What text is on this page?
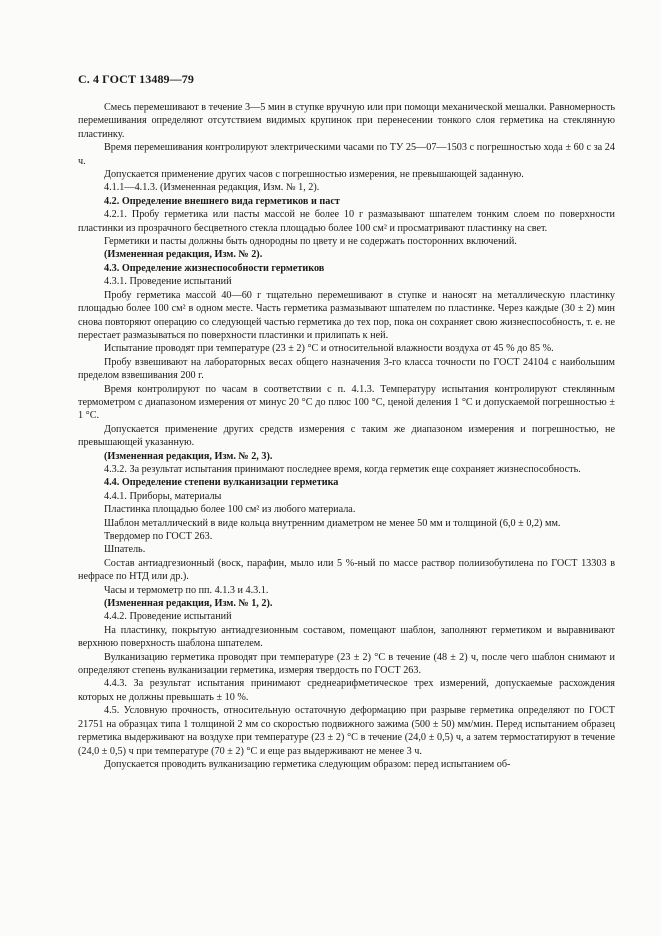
С. 4 ГОСТ 13489—79

Смесь перемешивают в течение 3—5 мин в ступке вручную или при помощи механической мешалки. Равномерность перемешивания определяют отсутствием видимых крупинок при перенесении тонкого слоя герметика на стеклянную пластинку.

Время перемешивания контролируют электрическими часами по ТУ 25—07—1503 с погрешностью хода ± 60 с за 24 ч.

Допускается применение других часов с погрешностью измерения, не превышающей заданную.

4.1.1—4.1.3. (Измененная редакция, Изм. № 1, 2).

4.2. Определение внешнего вида герметиков и паст

4.2.1. Пробу герметика или пасты массой не более 10 г размазывают шпателем тонким слоем по поверхности пластинки из прозрачного бесцветного стекла площадью более 100 см² и просматривают пластинку на свет.

Герметики и пасты должны быть однородны по цвету и не содержать посторонних включений.

(Измененная редакция, Изм. № 2).

4.3. Определение жизнеспособности герметиков

4.3.1. Проведение испытаний

Пробу герметика массой 40—60 г тщательно перемешивают в ступке и наносят на металлическую пластинку площадью более 100 см² в одном месте. Часть герметика размазывают шпателем по пластинке. Через каждые (30 ± 2) мин снова повторяют операцию со следующей частью герметика до тех пор, пока он сохраняет свою жизнеспособность, т. е. не перестает размазываться по поверхности пластинки и прилипать к ней.

Испытание проводят при температуре (23 ± 2) °С и относительной влажности воздуха от 45 % до 85 %.

Пробу взвешивают на лабораторных весах общего назначения 3-го класса точности по ГОСТ 24104 с наибольшим пределом взвешивания 200 г.

Время контролируют по часам в соответствии с п. 4.1.3. Температуру испытания контролируют стеклянным термометром с диапазоном измерения от минус 20 °С до плюс 100 °С, ценой деления 1 °С и допускаемой погрешностью ± 1 °С.

Допускается применение других средств измерения с таким же диапазоном измерения и погрешностью, не превышающей указанную.

(Измененная редакция, Изм. № 2, 3).

4.3.2. За результат испытания принимают последнее время, когда герметик еще сохраняет жизнеспособность.

4.4. Определение степени вулканизации герметика

4.4.1. Приборы, материалы

Пластинка площадью более 100 см² из любого материала.

Шаблон металлический в виде кольца внутренним диаметром не менее 50 мм и толщиной (6,0 ± 0,2) мм.

Твердомер по ГОСТ 263.

Шпатель.

Состав антиадгезионный (воск, парафин, мыло или 5 %-ный по массе раствор полиизобутилена по ГОСТ 13303 в нефрасе по НТД или др.).

Часы и термометр по пп. 4.1.3 и 4.3.1.

(Измененная редакция, Изм. № 1, 2).

4.4.2. Проведение испытаний

На пластинку, покрытую антиадгезионным составом, помещают шаблон, заполняют герметиком и выравнивают верхнюю поверхность шаблона шпателем.

Вулканизацию герметика проводят при температуре (23 ± 2) °С в течение (48 ± 2) ч, после чего шаблон снимают и определяют степень вулканизации герметика, измеряя твердость по ГОСТ 263.

4.4.3. За результат испытания принимают среднеарифметическое трех измерений, допускаемые расхождения которых не должны превышать ± 10 %.

4.5. Условную прочность, относительную остаточную деформацию при разрыве герметика определяют по ГОСТ 21751 на образцах типа 1 толщиной 2 мм со скоростью подвижного зажима (500 ± 50) мм/мин. Перед испытанием образец герметика выдерживают на воздухе при температуре (23 ± 2) °С в течение (24,0 ± 0,5) ч, а затем термостатируют в течение (24,0 ± 0,5) ч при температуре (70 ± 2) °С и еще раз выдерживают не менее 3 ч.

Допускается проводить вулканизацию герметика следующим образом: перед испытанием об-
